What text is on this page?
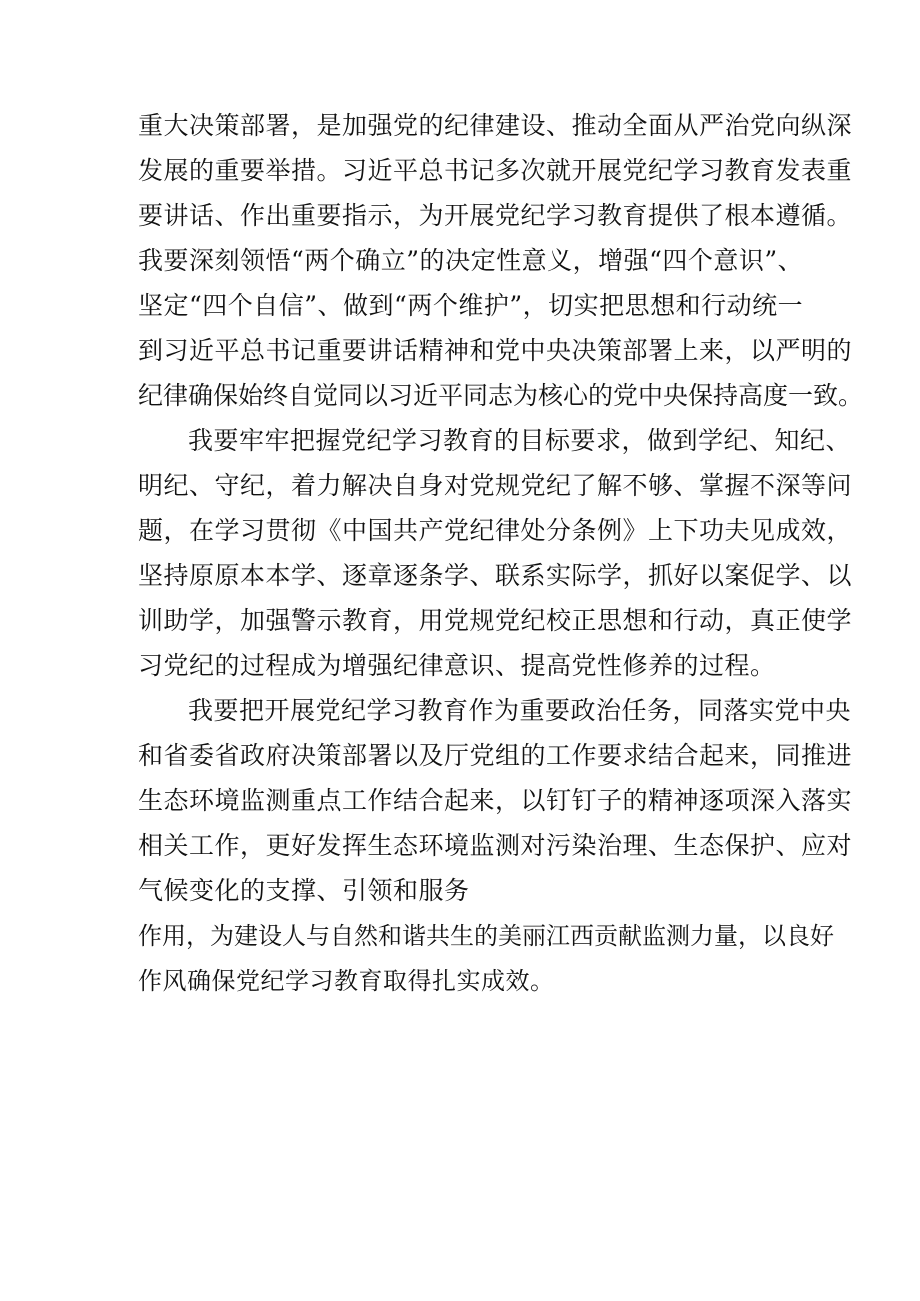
重大决策部署，是加强党的纪律建设、推动全面从严治党向纵深
发展的重要举措。习近平总书记多次就开展党纪学习教育发表重
要讲话、作出重要指示，为开展党纪学习教育提供了根本遵循。
我要深刻领悟“两个确立”的决定性意义，增强“四个意识”、
坚定“四个自信”、做到“两个维护”，切实把思想和行动统一
到习近平总书记重要讲话精神和党中央决策部署上来，以严明的
纪律确保始终自觉同以习近平同志为核心的党中央保持高度一致。
我要牢牢把握党纪学习教育的目标要求，做到学纪、知纪、
明纪、守纪，着力解决自身对党规党纪了解不够、掌握不深等问
题，在学习贯彻《中国共产党纪律处分条例》上下功夫见成效，
坚持原原本本学、逐章逐条学、联系实际学，抓好以案促学、以
训助学，加强警示教育，用党规党纪校正思想和行动，真正使学
习党纪的过程成为增强纪律意识、提高党性修养的过程。
我要把开展党纪学习教育作为重要政治任务，同落实党中央
和省委省政府决策部署以及厅党组的工作要求结合起来，同推进
生态环境监测重点工作结合起来，以钉钉子的精神逐项深入落实
相关工作，更好发挥生态环境监测对污染治理、生态保护、应对
气候变化的支撑、引领和服务
作用，为建设人与自然和谐共生的美丽江西贡献监测力量，以良好
作风确保党纪学习教育取得扎实成效。
